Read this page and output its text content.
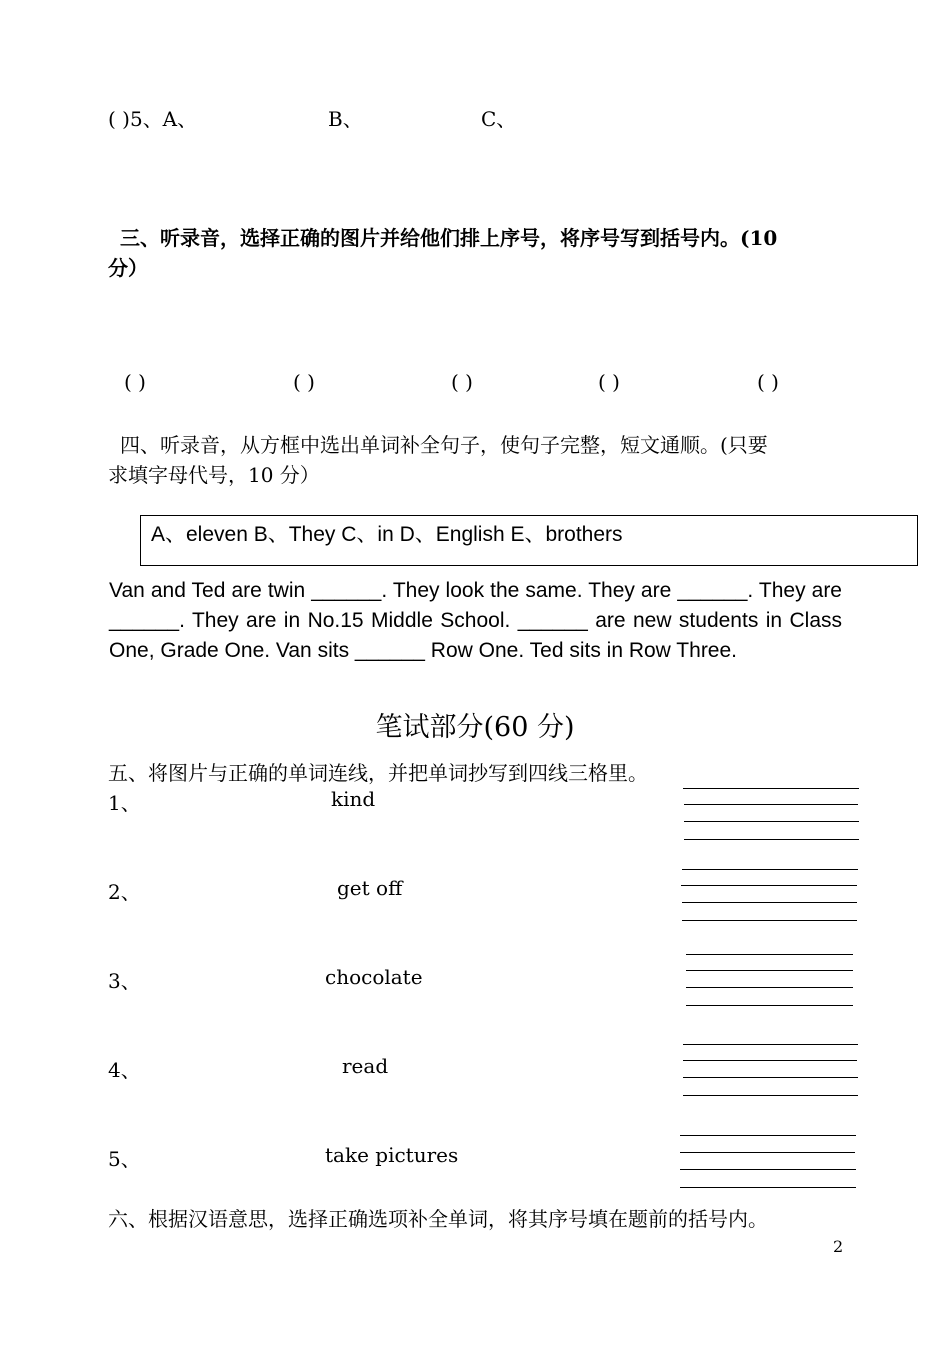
( )5、A、	B、	C、
三、听录音，选择正确的图片并给他们排上序号，将序号写到括号内。(10
分）
( )	( )	( )	( )	( )
四、听录音，从方框中选出单词补全句子，使句子完整，短文通顺。(只要
求填字母代号，10 分）
A、eleven B、They C、in D、English E、brothers

Van and Ted are twin ______. They look the same. They are ______. They are ______. They are in No.15 Middle School. ______ are new students in Class One, Grade One. Van sits ______ Row One. Ted sits in Row Three.

笔试部分(60 分)
五、将图片与正确的单词连线，并把单词抄写到四线三格里。
1、	kind
2、	get off
3、	chocolate
4、	read
5、	take pictures
六、根据汉语意思，选择正确选项补全单词，将其序号填在题前的括号内。
2
